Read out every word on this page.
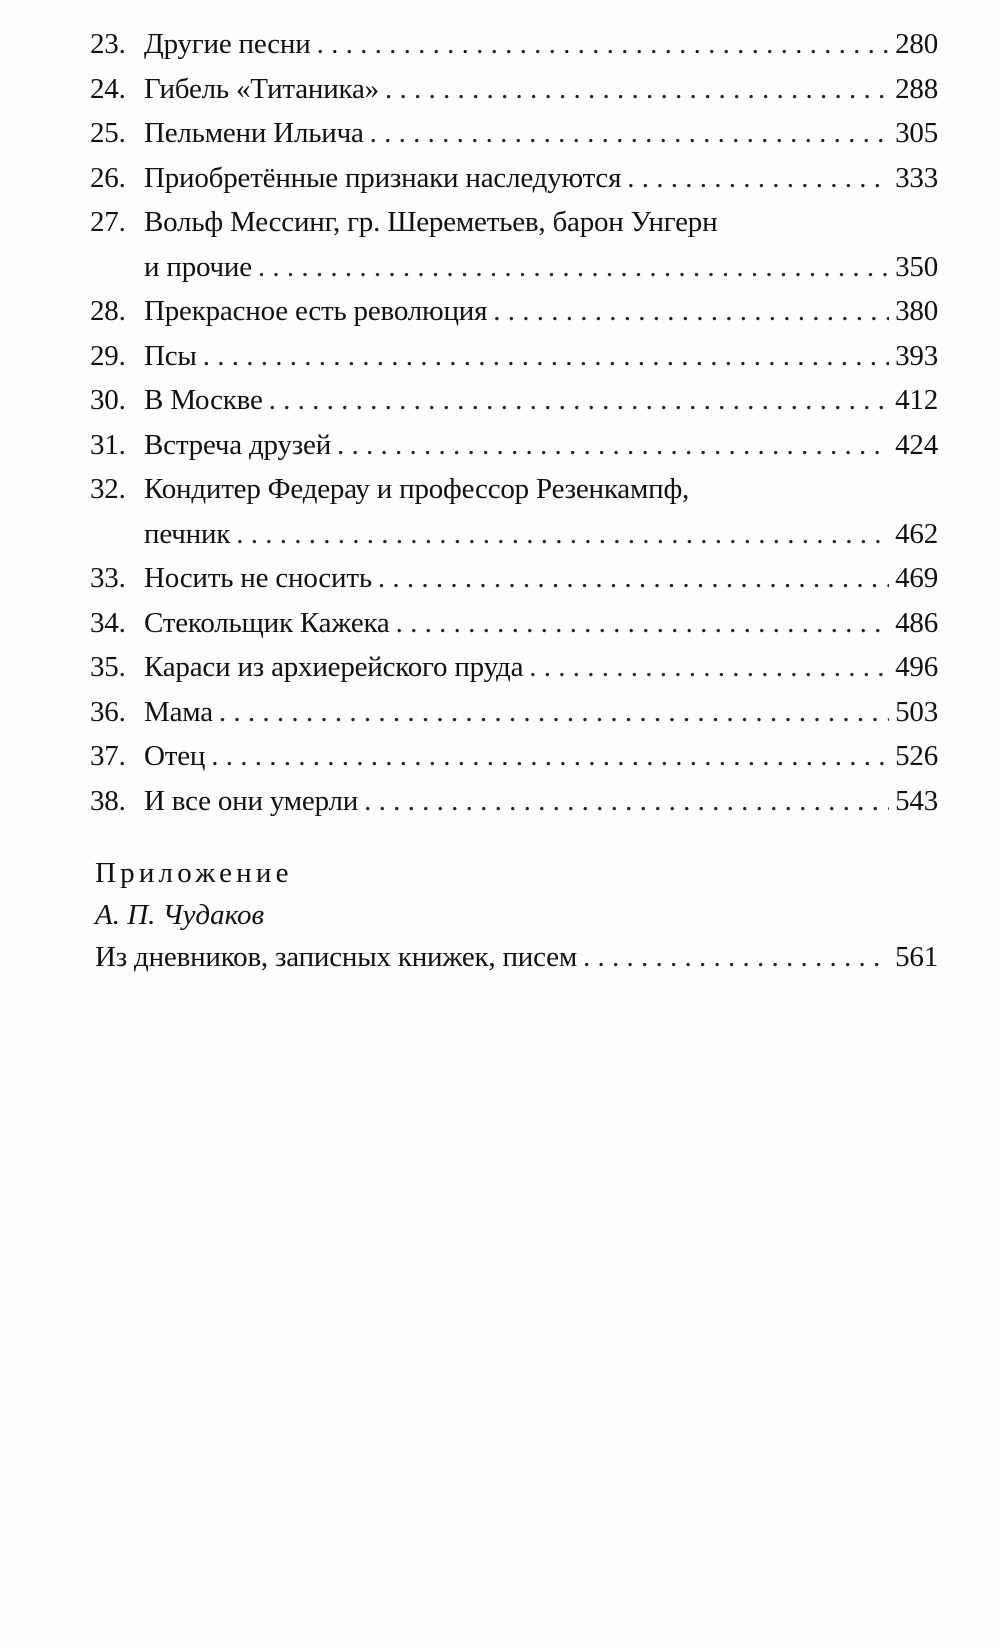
23. Другие песни . . .	280
24. Гибель «Титаника» . . .	288
25. Пельмени Ильича . . .	305
26. Приобретённые признаки наследуются . . .	333
27. Вольф Мессинг, гр. Шереметьев, барон Унгерн
и прочие . . .	350
28. Прекрасное есть революция . . .	380
29. Псы . . .	393
30. В Москве . . .	412
31. Встреча друзей . . .	424
32. Кондитер Федерау и профессор Резенкампф,
печник . . .	462
33. Носить не сносить . . .	469
34. Стекольщик Кажека . . .	486
35. Караси из архиерейского пруда . . .	496
36. Мама . . .	503
37. Отец . . .	526
38. И все они умерли . . .	543
Приложение
А. П. Чудаков
Из дневников, записных книжек, писем . . .	561
